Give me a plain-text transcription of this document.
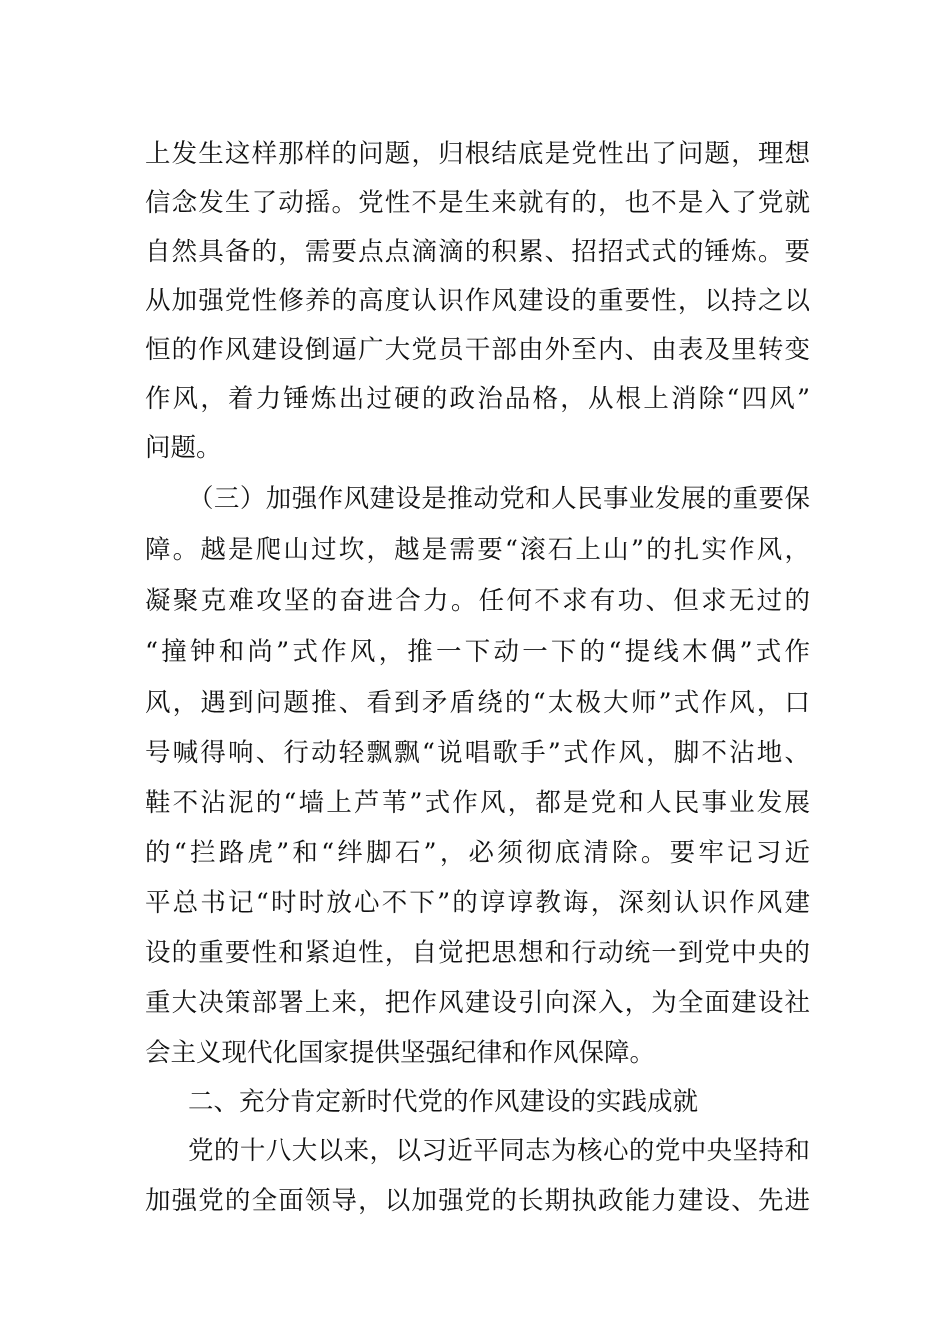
上发生这样那样的问题，归根结底是党性出了问题，理想

信念发生了动摇。党性不是生来就有的，也不是入了党就

自然具备的，需要点点滴滴的积累、招招式式的锤炼。要

从加强党性修养的高度认识作风建设的重要性，以持之以

恒的作风建设倒逼广大党员干部由外至内、由表及里转变

作风，着力锤炼出过硬的政治品格，从根上消除“四风”

问题。

（三）加强作风建设是推动党和人民事业发展的重要保

障。越是爬山过坎，越是需要“滚石上山”的扎实作风，

凝聚克难攻坚的奋进合力。任何不求有功、但求无过的

“撞钟和尚”式作风，推一下动一下的“提线木偶”式作

风，遇到问题推、看到矛盾绕的“太极大师”式作风，口

号喊得响、行动轻飘飘“说唱歌手”式作风，脚不沾地、

鞋不沾泥的“墙上芦苇”式作风，都是党和人民事业发展

的“拦路虎”和“绊脚石”，必须彻底清除。要牢记习近

平总书记“时时放心不下”的谆谆教诲，深刻认识作风建

设的重要性和紧迫性，自觉把思想和行动统一到党中央的

重大决策部署上来，把作风建设引向深入，为全面建设社

会主义现代化国家提供坚强纪律和作风保障。

二、充分肯定新时代党的作风建设的实践成就

党的十八大以来，以习近平同志为核心的党中央坚持和

加强党的全面领导，以加强党的长期执政能力建设、先进
